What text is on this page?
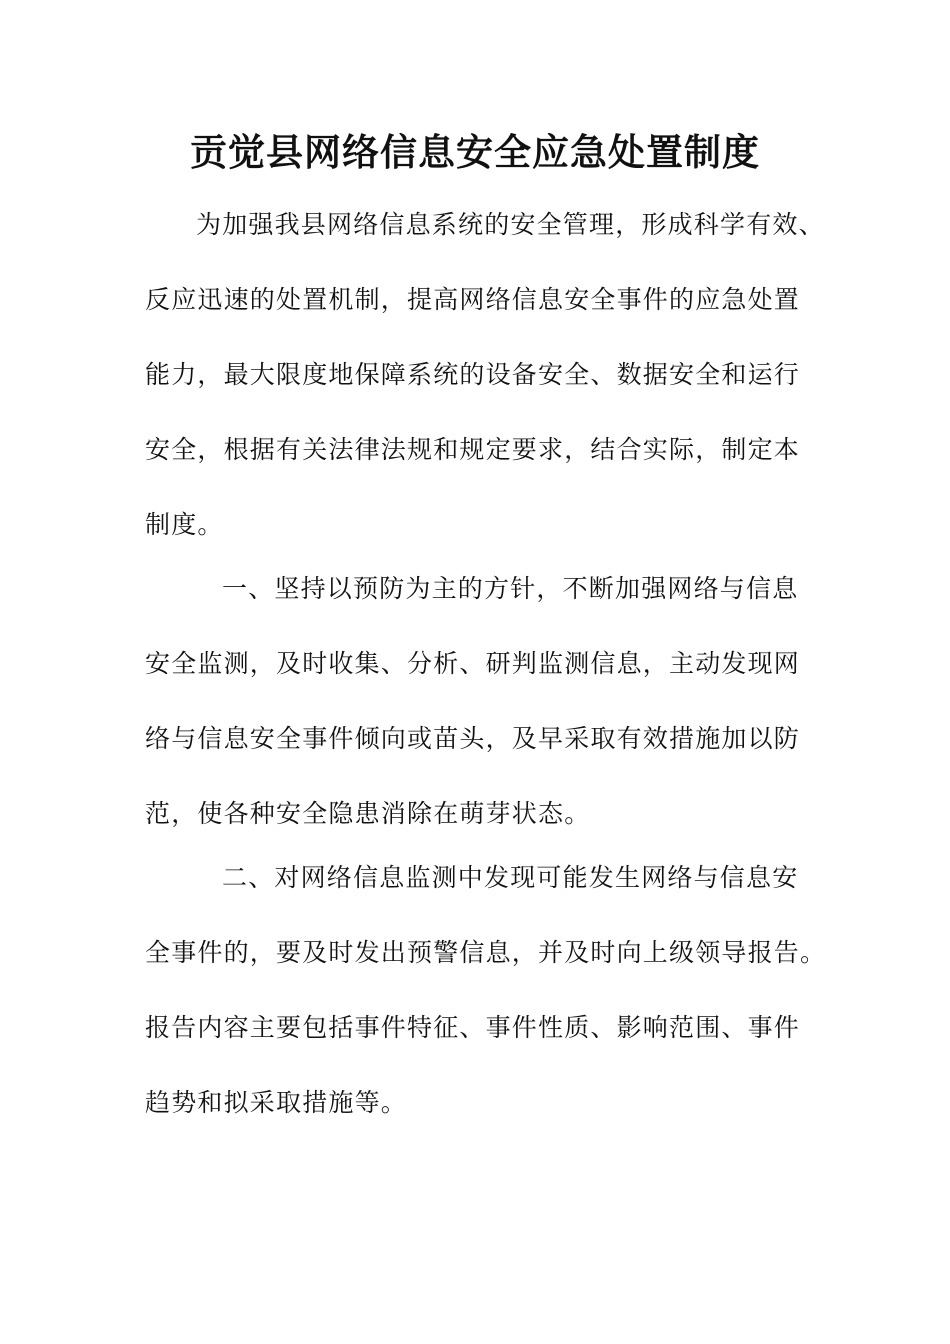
贡觉县网络信息安全应急处置制度
为加强我县网络信息系统的安全管理，形成科学有效、
反应迅速的处置机制，提高网络信息安全事件的应急处置
能力，最大限度地保障系统的设备安全、数据安全和运行
安全，根据有关法律法规和规定要求，结合实际，制定本
制度。
一、坚持以预防为主的方针，不断加强网络与信息
安全监测，及时收集、分析、研判监测信息，主动发现网
络与信息安全事件倾向或苗头，及早采取有效措施加以防
范，使各种安全隐患消除在萌芽状态。
二、对网络信息监测中发现可能发生网络与信息安
全事件的，要及时发出预警信息，并及时向上级领导报告。
报告内容主要包括事件特征、事件性质、影响范围、事件
趋势和拟采取措施等。
